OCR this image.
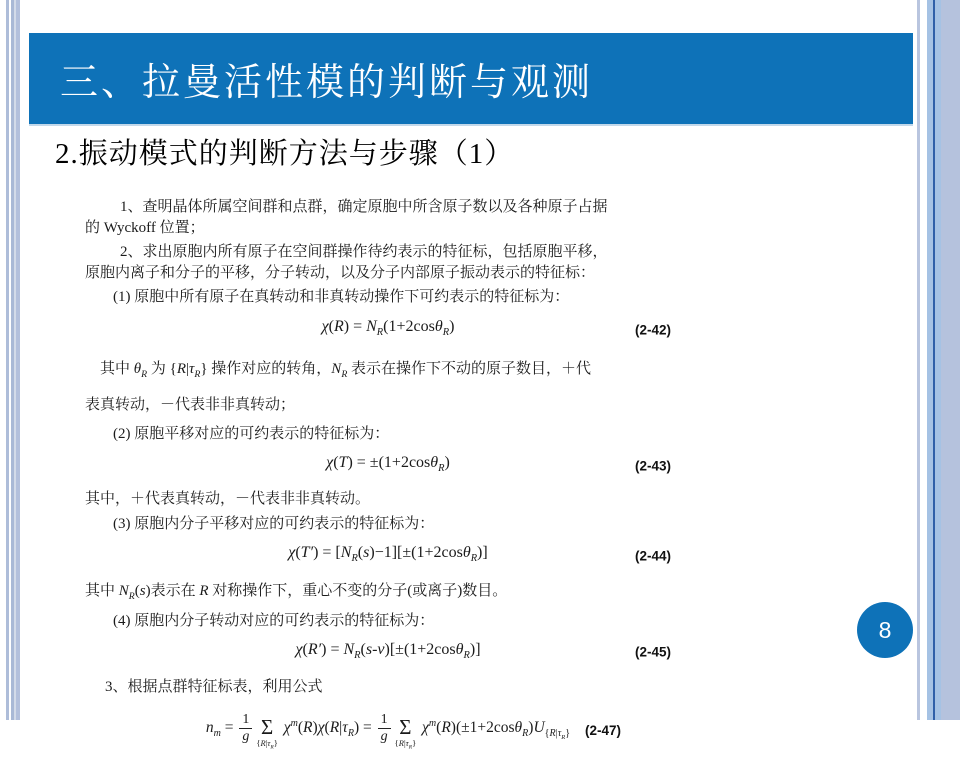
三、拉曼活性模的判断与观测
2.振动模式的判断方法与步骤（1）
1、查明晶体所属空间群和点群，确定原胞中所含原子数以及各种原子占据
的 Wyckoff 位置；
2、求出原胞内所有原子在空间群操作待约表示的特征标，包括原胞平移，
原胞内离子和分子的平移，分子转动，以及分子内部原子振动表示的特征标：
(1) 原胞中所有原子在真转动和非真转动操作下可约表示的特征标为：
$\chi(R) = N_R(1+2\cos\theta_R)$	(2-42)
其中 $\theta_R$ 为 $\{R|\tau_R\}$ 操作对应的转角，$N_R$ 表示在操作下不动的原子数目，＋代
表真转动，－代表非非真转动；
(2) 原胞平移对应的可约表示的特征标为：
χ(T) = ±(1+2cosθ$_R$)	(2-43)
其中，＋代表真转动，－代表非非真转动。
(3) 原胞内分子平移对应的可约表示的特征标为：
$\chi(T') = [N_R(s)-1][\pm(1+2\cos\theta_R)]$	(2-44)
其中 $N_R(s)$表示在 R 对称操作下，重心不变的分子(或离子)数目。
(4) 原胞内分子转动对应的可约表示的特征标为：
$\chi(R') = N_R(s-v)[\pm(1+2\cos\theta_R)]$	(2-45)
3、根据点群特征标表，利用公式
$n_m = \frac{1}{g}$ Σ
$\{R|\tau_R\}$
$\chi^m(R)\chi(R|\tau_R) = \frac{1}{g}$ Σ
$\{R|\tau_R\}$
$\chi^m(R)(\pm 1+2\cos\theta_R)U_{\{R|\tau_R\}}$ (2-47)
8
